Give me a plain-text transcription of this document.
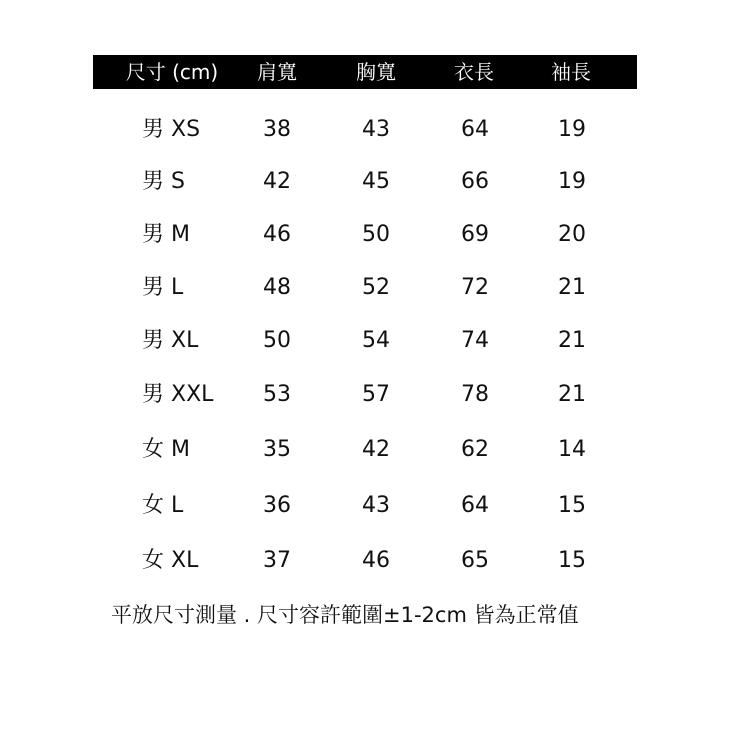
尺寸 (cm)	肩寬	胸寬	衣長	袖長
男 XS	38	43	64	19
男 S	42	45	66	19
男 M	46	50	69	20
男 L	48	52	72	21
男 XL	50	54	74	21
男 XXL	53	57	78	21
女 M	35	42	62	14
女 L	36	43	64	15
女 XL	37	46	65	15
平放尺寸測量 . 尺寸容許範圍±1-2cm 皆為正常值
